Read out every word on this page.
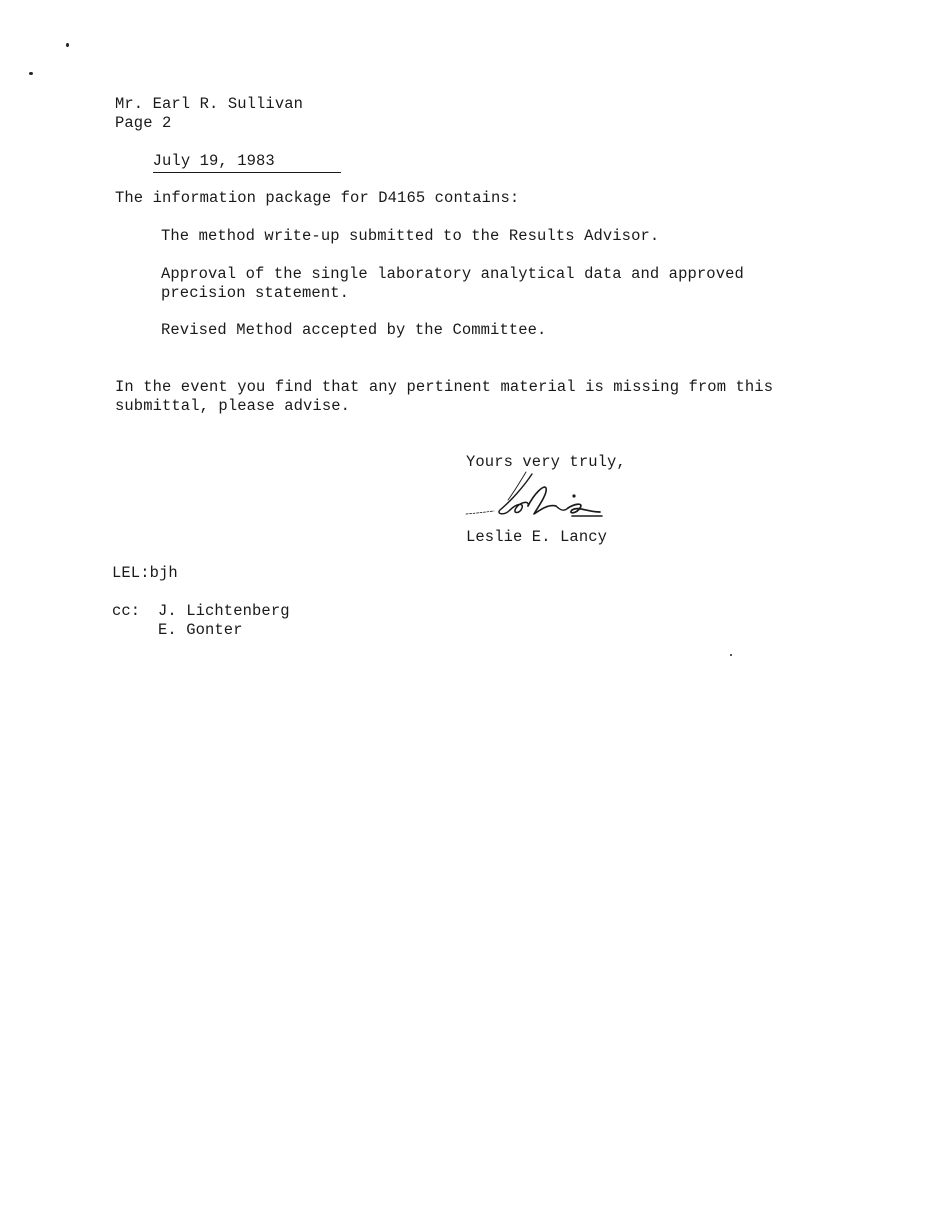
Mr. Earl R. Sullivan
Page 2

July 19, 1983

The information package for D4165 contains:
The method write-up submitted to the Results Advisor.
Approval of the single laboratory analytical data and approved
precision statement.
Revised Method accepted by the Committee.
In the event you find that any pertinent material is missing from this
submittal, please advise.
Yours very truly,
Leslie E. Lancy
LEL:bjh
cc: J. Lichtenberg
E. Gonter
